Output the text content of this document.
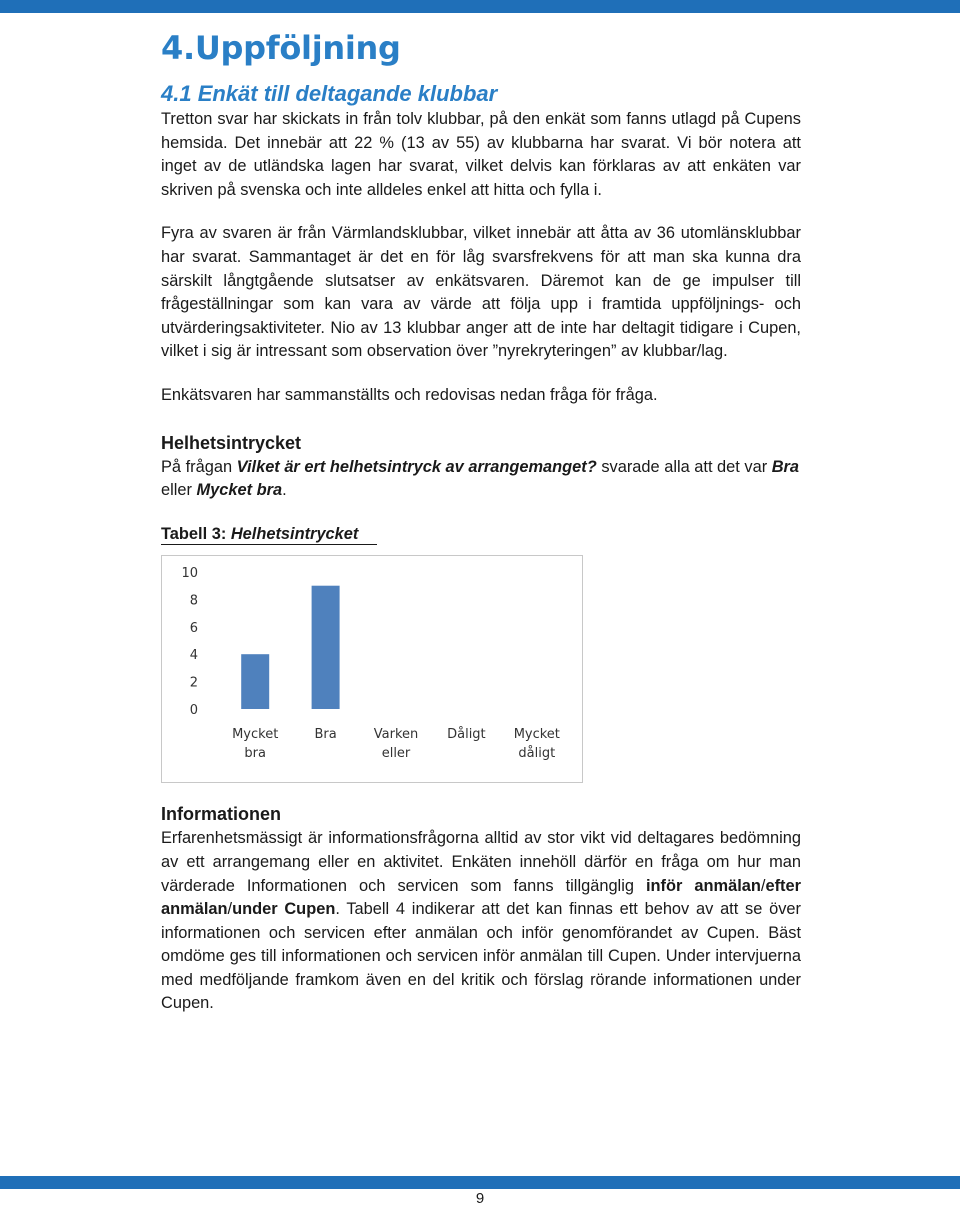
4.Uppföljning
4.1 Enkät till deltagande klubbar

Tretton svar har skickats in från tolv klubbar, på den enkät som fanns utlagd på Cupens hemsida. Det innebär att 22 % (13 av 55) av klubbarna har svarat. Vi bör notera att inget av de utländska lagen har svarat, vilket delvis kan förklaras av att enkäten var skriven på svenska och inte alldeles enkel att hitta och fylla i.

Fyra av svaren är från Värmlandsklubbar, vilket innebär att åtta av 36 utomlänsklubbar har svarat. Sammantaget är det en för låg svarsfrekvens för att man ska kunna dra särskilt långtgående slutsatser av enkätsvaren. Däremot kan de ge impulser till frågeställningar som kan vara av värde att följa upp i framtida uppföljnings- och utvärderingsaktiviteter. Nio av 13 klubbar anger att de inte har deltagit tidigare i Cupen, vilket i sig är intressant som observation över ”nyrekryteringen” av klubbar/lag.

Enkätsvaren har sammanställts och redovisas nedan fråga för fråga.

Helhetsintrycket

På frågan Vilket är ert helhetsintryck av arrangemanget? svarade alla att det var Bra eller Mycket bra.

Tabell 3: Helhetsintrycket
0
2
4
6
8
10
Mycket
bra
Bra	Varken
eller
Dåligt Mycket
dåligt
Informationen

Erfarenhetsmässigt är informationsfrågorna alltid av stor vikt vid deltagares bedömning av ett arrangemang eller en aktivitet. Enkäten innehöll därför en fråga om hur man värderade Informationen och servicen som fanns tillgänglig inför anmälan/efter anmälan/under Cupen. Tabell 4 indikerar att det kan finnas ett behov av att se över informationen och servicen efter anmälan och inför genomförandet av Cupen. Bäst omdöme ges till informationen och servicen inför anmälan till Cupen. Under intervjuerna med medföljande framkom även en del kritik och förslag rörande informationen under Cupen.

9
